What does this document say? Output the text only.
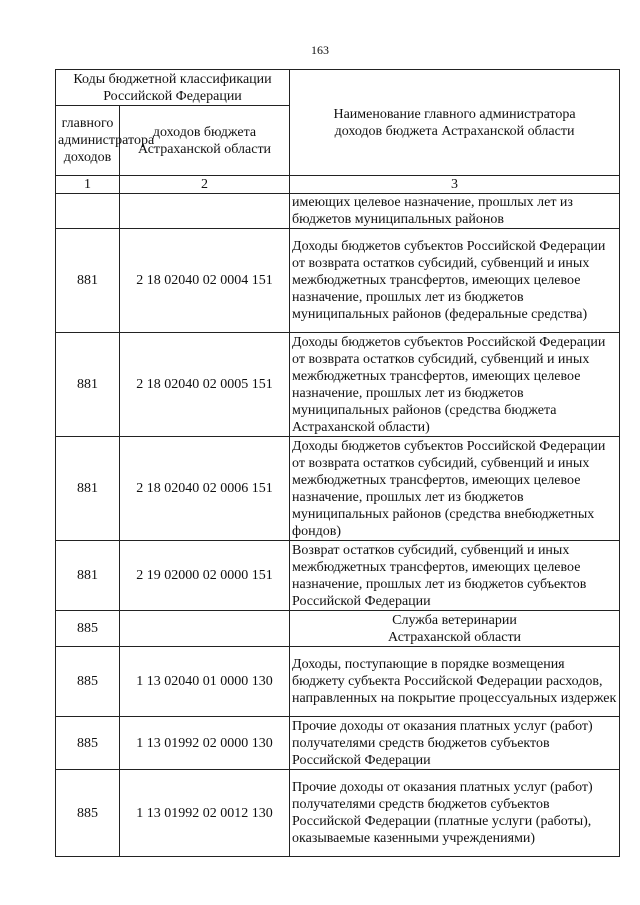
163
Коды бюджетной классификации Российской Федерации		Наименование главного администратора доходов бюджета Астраханской области
главного администратора доходов	доходов бюджета Астраханской области	
1	2	3
		имеющих целевое назначение, прошлых лет из бюджетов муниципальных районов
881	2 18 02040 02 0004 151	Доходы бюджетов субъектов Российской Федерации от возврата остатков субсидий, субвенций и иных межбюджетных трансфертов, имеющих целевое назначение, прошлых лет из бюджетов муниципальных районов (федеральные средства)
881	2 18 02040 02 0005 151	Доходы бюджетов субъектов Российской Федерации от возврата остатков субсидий, субвенций и иных межбюджетных трансфертов, имеющих целевое назначение, прошлых лет из бюджетов муниципальных районов (средства бюджета Астраханской области)
881	2 18 02040 02 0006 151	Доходы бюджетов субъектов Российской Федерации от возврата остатков субсидий, субвенций и иных межбюджетных трансфертов, имеющих целевое назначение, прошлых лет из бюджетов муниципальных районов (средства внебюджетных фондов)
881	2 19 02000 02 0000 151	Возврат остатков субсидий, субвенций и иных межбюджетных трансфертов, имеющих целевое назначение, прошлых лет из бюджетов субъектов Российской Федерации
885		Служба ветеринарии Астраханской области
885	1 13 02040 01 0000 130	Доходы, поступающие в порядке возмещения бюджету субъекта Российской Федерации расходов, направленных на покрытие процессуальных издержек
885	1 13 01992 02 0000 130	Прочие доходы от оказания платных услуг (работ) получателями средств бюджетов субъектов Российской Федерации
885	1 13 01992 02 0012 130	Прочие доходы от оказания платных услуг (работ) получателями средств бюджетов субъектов Российской Федерации (платные услуги (работы), оказываемые казенными учреждениями)
